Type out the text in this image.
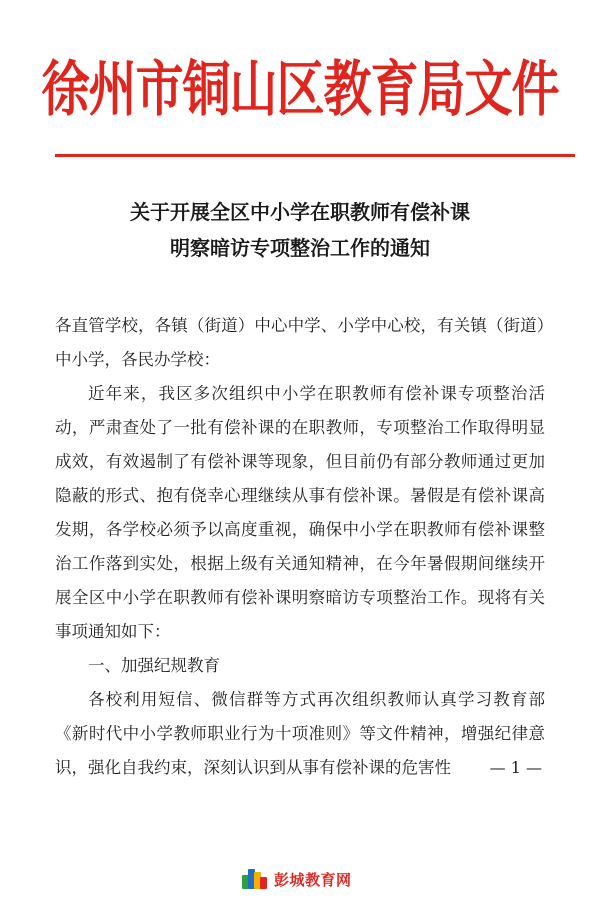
徐州市铜山区教育局文件
关于开展全区中小学在职教师有偿补课
明察暗访专项整治工作的通知

各直管学校，各镇（街道）中心中学、小学中心校，有关镇（街道）中小学，各民办学校：

近年来，我区多次组织中小学在职教师有偿补课专项整治活动，严肃查处了一批有偿补课的在职教师，专项整治工作取得明显成效，有效遏制了有偿补课等现象，但目前仍有部分教师通过更加隐蔽的形式、抱有侥幸心理继续从事有偿补课。暑假是有偿补课高发期，各学校必须予以高度重视，确保中小学在职教师有偿补课整治工作落到实处，根据上级有关通知精神，在今年暑假期间继续开展全区中小学在职教师有偿补课明察暗访专项整治工作。现将有关事项通知如下：

一、加强纪规教育

各校利用短信、微信群等方式再次组织教师认真学习教育部《新时代中小学教师职业行为十项准则》等文件精神，增强纪律意识，强化自我约束，深刻认识到从事有偿补课的危害性	— 1 —
彭城教育网
